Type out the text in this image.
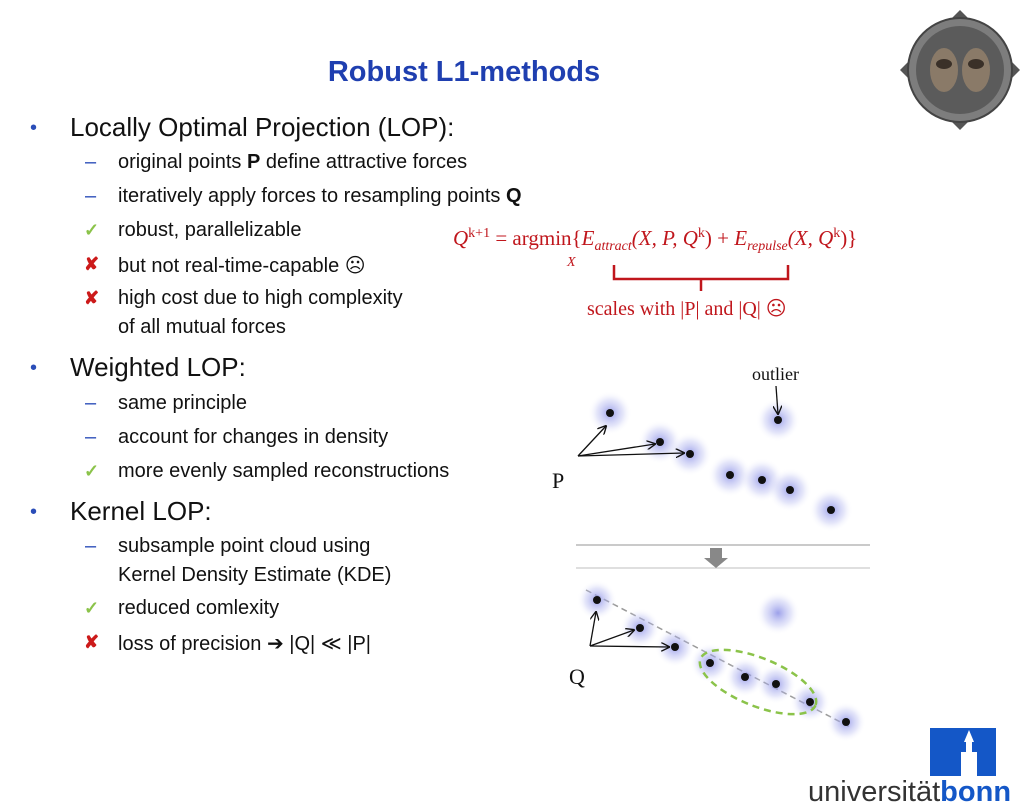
Robust L1-methods
• Locally Optimal Projection (LOP):
– original points P define attractive forces
– iteratively apply forces to resampling points Q
✓ robust, parallelizable
✘ but not real-time-capable ☹
✘ high cost due to high complexity
of all mutual forces
• Weighted LOP:
– same principle
– account for changes in density
✓ more evenly sampled reconstructions
• Kernel LOP:
– subsample point cloud using
Kernel Density Estimate (KDE)
✓ reduced comlexity
✘ loss of precision ➔ |Q| ≪ |P|
$Q^{k+1} = argmin\{E_{attract}(X$, P, $Q^k) + E_{repulse}(X$, $Q^k$)}
X
scales with |P| and |Q| ☹
outlier
P
Q
universitätbonn
